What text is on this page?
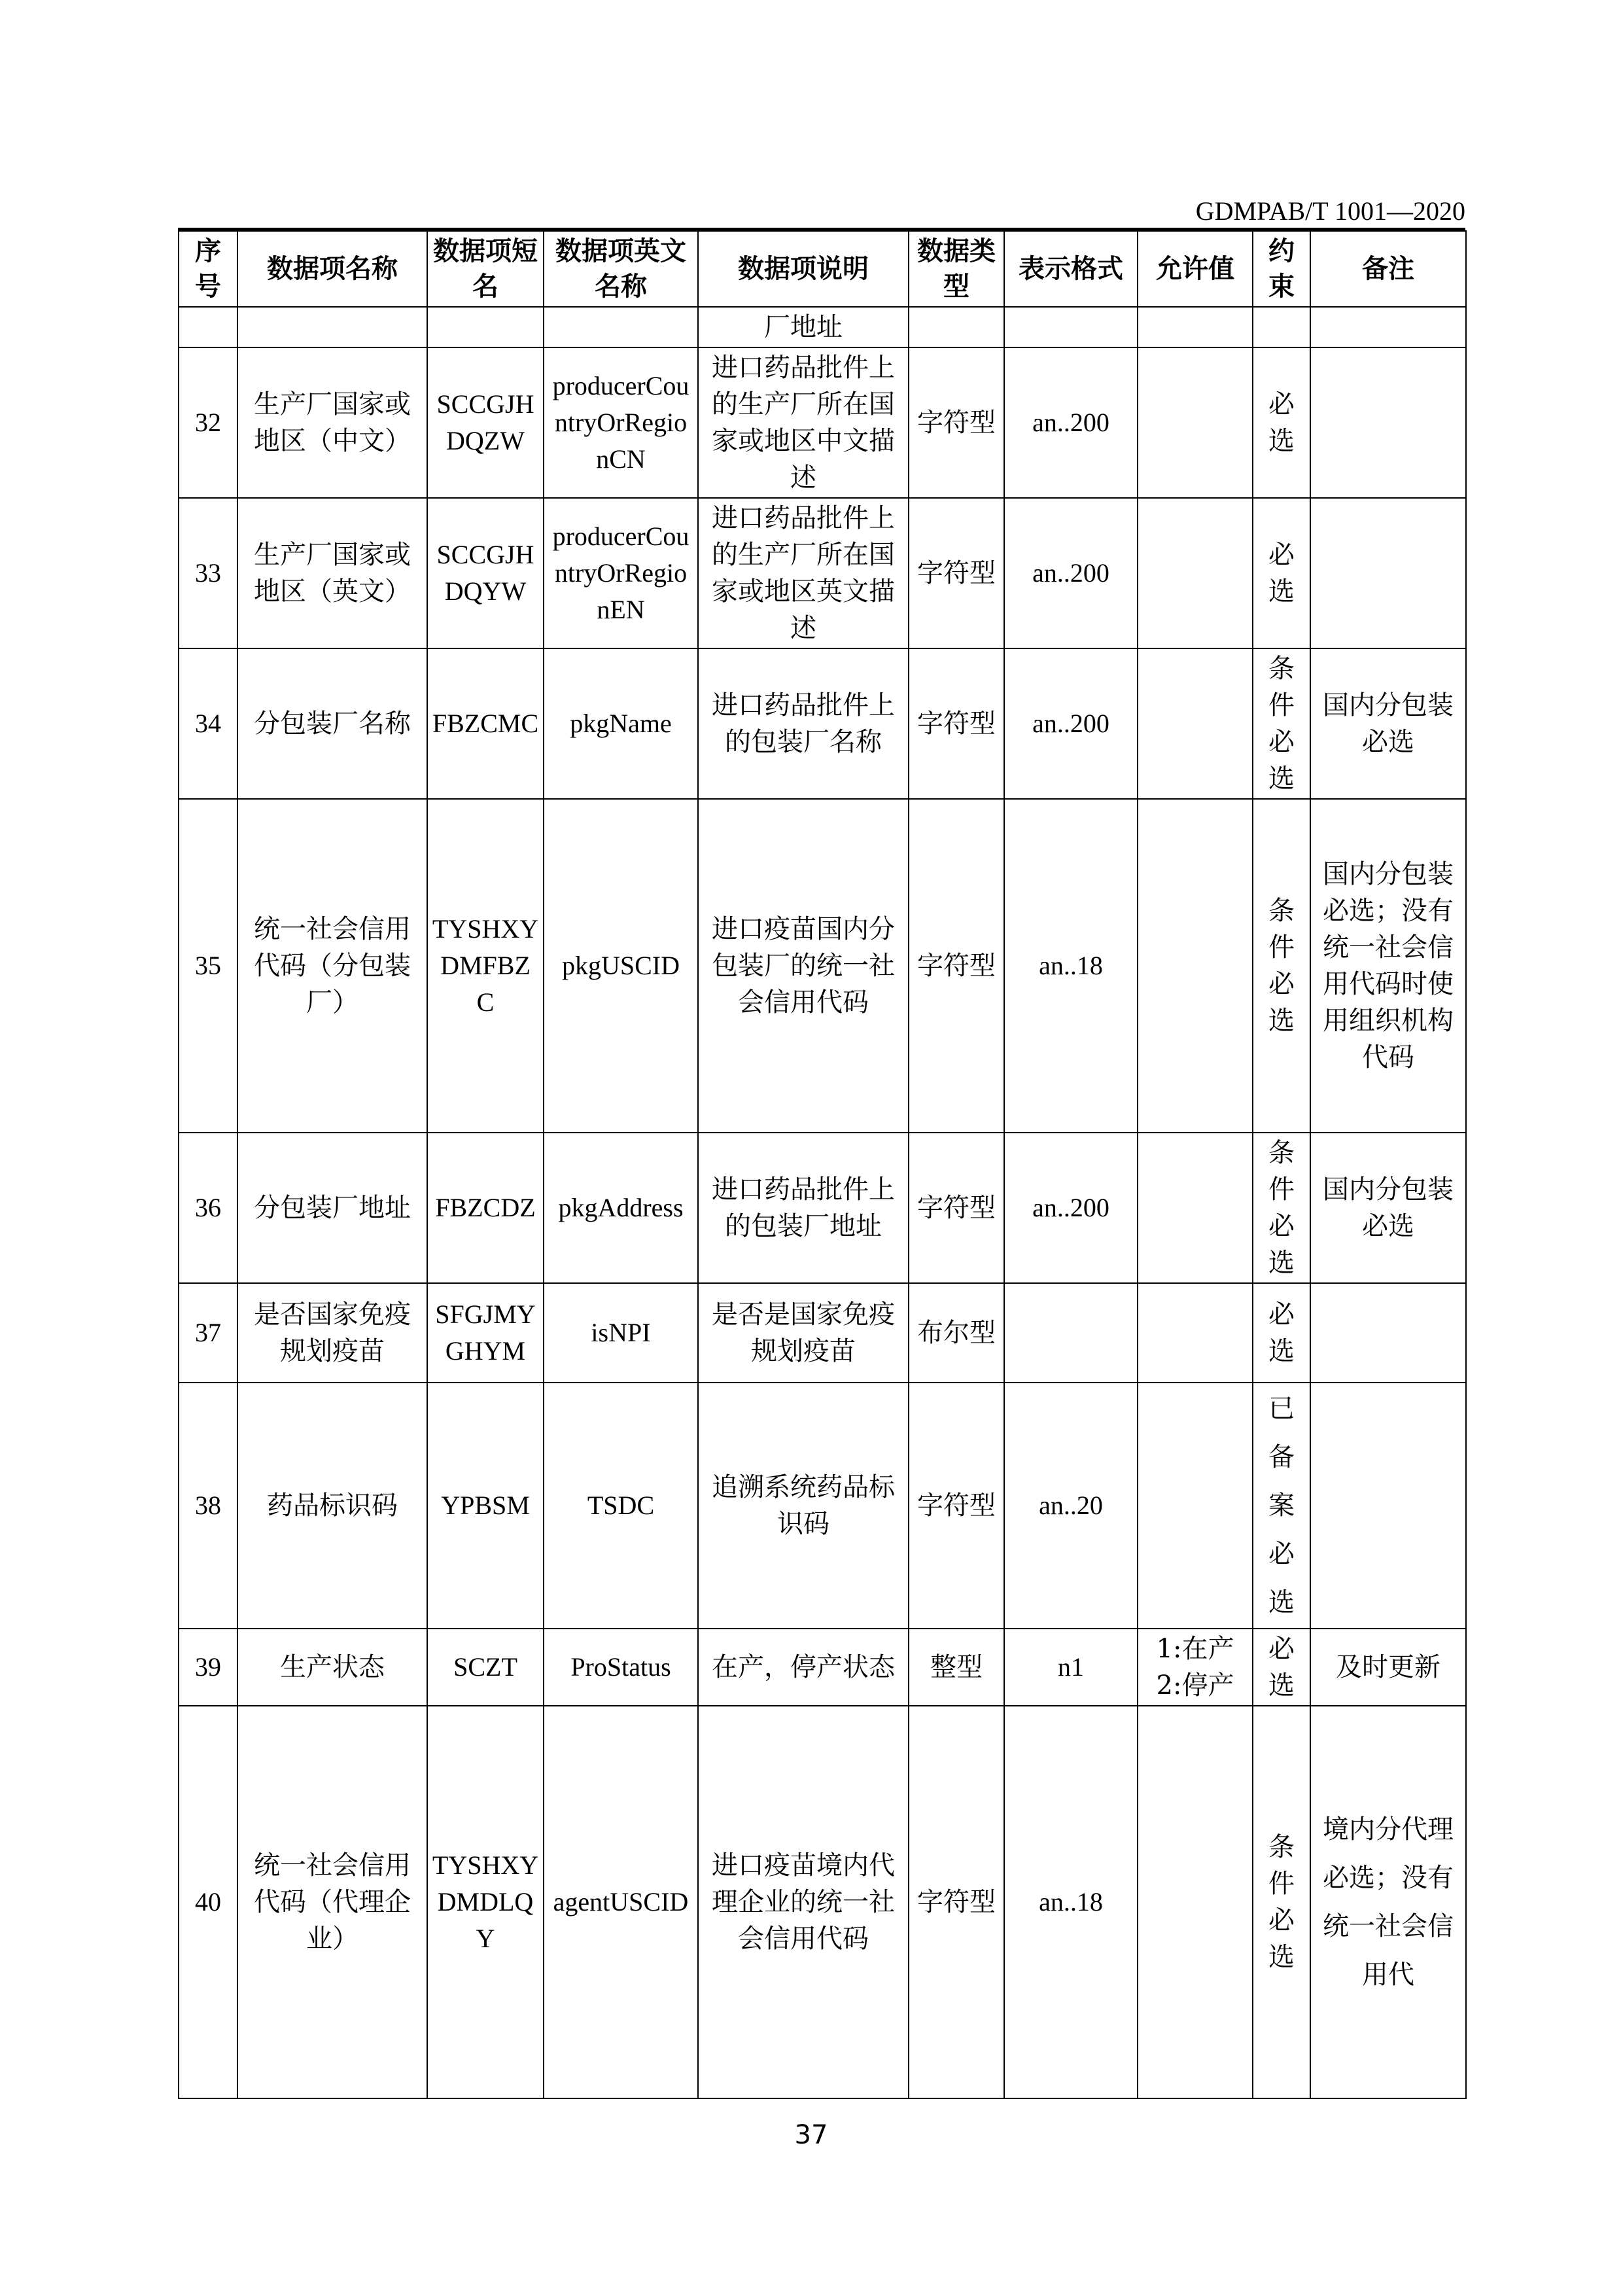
GDMPAB/T 1001—2020
序号	数据项名称	数据项短名	数据项英文名称	数据项说明	数据类型	表示格式	允许值	约束	备注
				厂地址					
32	生产厂国家或地区（中文）	SCCGJHDQZW	producerCountryOrRegionCN	进口药品批件上的生产厂所在国家或地区中文描述	字符型	an..200		必选	
33	生产厂国家或地区（英文）	SCCGJHDQYW	producerCountryOrRegionEN	进口药品批件上的生产厂所在国家或地区英文描述	字符型	an..200		必选	
34	分包装厂名称	FBZCMC	pkgName	进口药品批件上的包装厂名称	字符型	an..200		条件必选	国内分包装必选
35	统一社会信用代码（分包装厂）	TYSHXYDMFBZC	pkgUSCID	进口疫苗国内分包装厂的统一社会信用代码	字符型	an..18		条件必选	国内分包装必选；没有统一社会信用代码时使用组织机构代码
36	分包装厂地址	FBZCDZ	pkgAddress	进口药品批件上的包装厂地址	字符型	an..200		条件必选	国内分包装必选
37	是否国家免疫规划疫苗	SFGJMYGHYM	isNPI	是否是国家免疫规划疫苗	布尔型			必选	
38	药品标识码	YPBSM	TSDC	追溯系统药品标识码	字符型	an..20		已备案必选	
39	生产状态	SCZT	ProStatus	在产，停产状态	整型	n1	1:在产 2:停产	必选	及时更新
40	统一社会信用代码（代理企业）	TYSHXYDMDLQY	agentUSCID	进口疫苗境内代理企业的统一社会信用代码	字符型	an..18		条件必选	境内分代理必选；没有统一社会信用代
37
